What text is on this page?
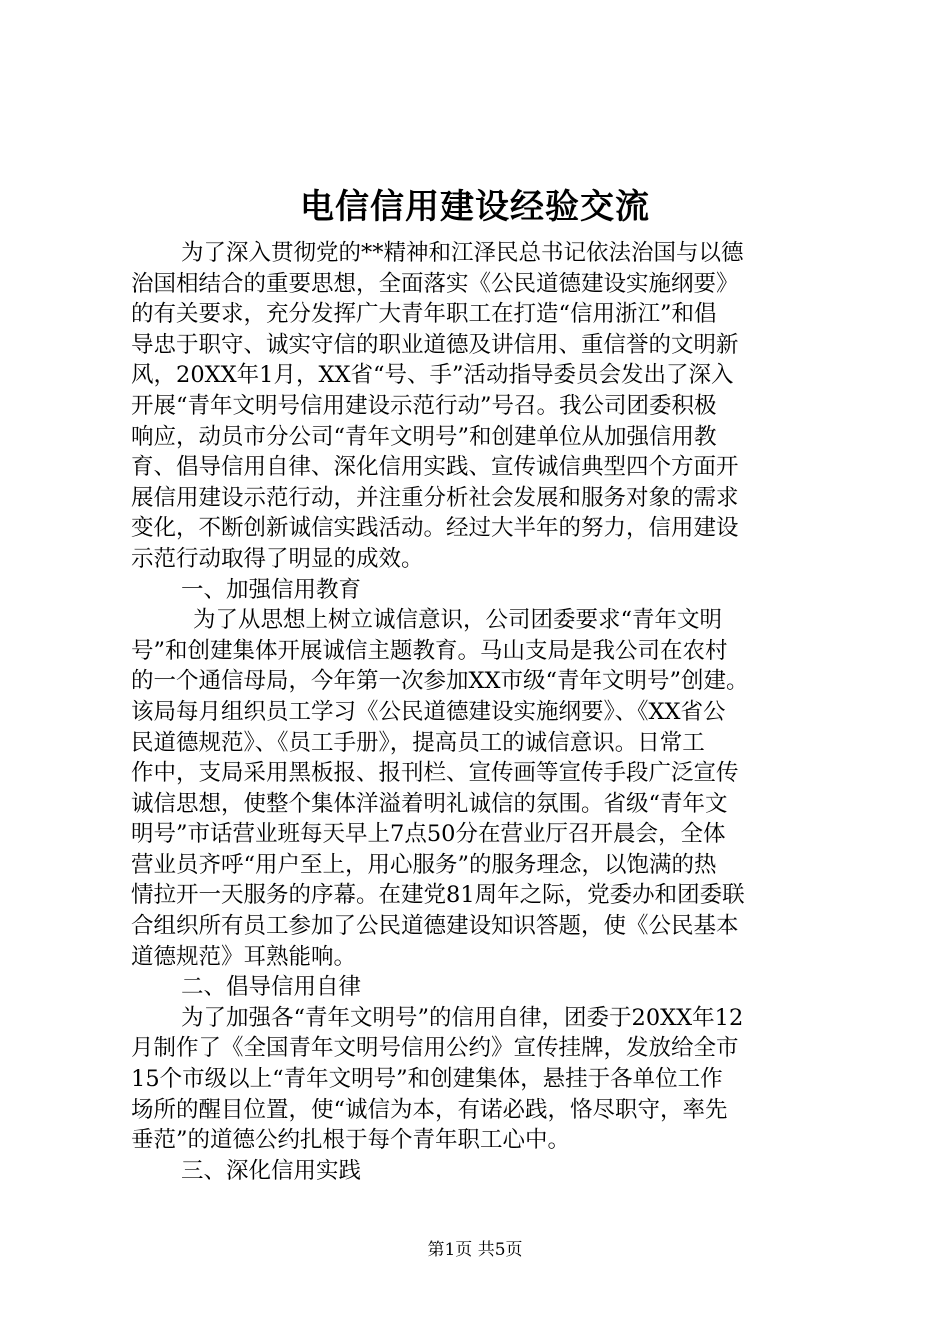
电信信用建设经验交流
为了深入贯彻党的**精神和江泽民总书记依法治国与以德
治国相结合的重要思想，全面落实《公民道德建设实施纲要》
的有关要求，充分发挥广大青年职工在打造“信用浙江”和倡
导忠于职守、诚实守信的职业道德及讲信用、重信誉的文明新
风，20XX年1月，XX省“号、手”活动指导委员会发出了深入
开展“青年文明号信用建设示范行动”号召。我公司团委积极
响应，动员市分公司“青年文明号”和创建单位从加强信用教
育、倡导信用自律、深化信用实践、宣传诚信典型四个方面开
展信用建设示范行动，并注重分析社会发展和服务对象的需求
变化，不断创新诚信实践活动。经过大半年的努力，信用建设
示范行动取得了明显的成效。
一、加强信用教育
为了从思想上树立诚信意识，公司团委要求“青年文明
号”和创建集体开展诚信主题教育。马山支局是我公司在农村
的一个通信母局，今年第一次参加XX市级“青年文明号”创建。
该局每月组织员工学习《公民道德建设实施纲要》、《XX省公
民道德规范》、《员工手册》，提高员工的诚信意识。日常工
作中，支局采用黑板报、报刊栏、宣传画等宣传手段广泛宣传
诚信思想，使整个集体洋溢着明礼诚信的氛围。省级“青年文
明号”市话营业班每天早上7点50分在营业厅召开晨会，全体
营业员齐呼“用户至上，用心服务”的服务理念，以饱满的热
情拉开一天服务的序幕。在建党81周年之际，党委办和团委联
合组织所有员工参加了公民道德建设知识答题，使《公民基本
道德规范》耳熟能响。
二、倡导信用自律
为了加强各“青年文明号”的信用自律，团委于20XX年12
月制作了《全国青年文明号信用公约》宣传挂牌，发放给全市
15个市级以上“青年文明号”和创建集体，悬挂于各单位工作
场所的醒目位置，使“诚信为本，有诺必践，恪尽职守，率先
垂范”的道德公约扎根于每个青年职工心中。
三、深化信用实践
第1页 共5页
